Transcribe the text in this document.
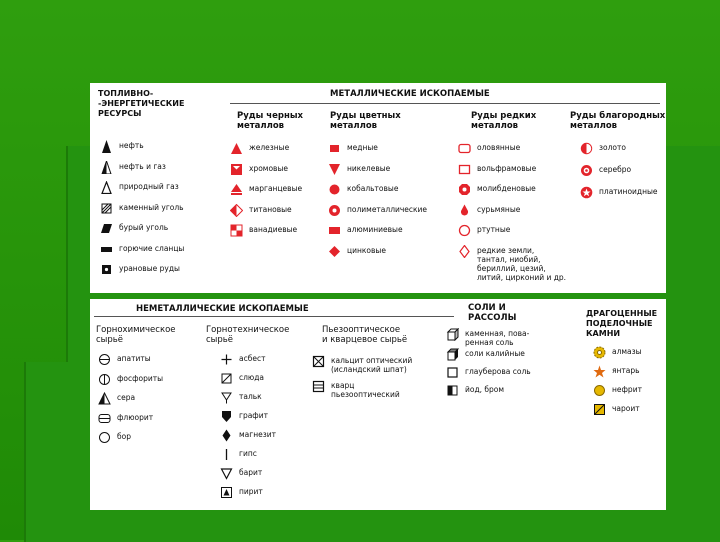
ТОПЛИВНО-
-ЭНЕРГЕТИЧЕСКИЕ
РЕСУРСЫ
МЕТАЛЛИЧЕСКИЕ ИСКОПАЕМЫЕ
Руды черных
металлов
Руды цветных
металлов
Руды редких
металлов
Руды благородных
металлов
нефть
нефть и газ
природный газ
каменный уголь
бурый уголь
горючие сланцы
урановые руды
железные
хромовые
марганцевые
титановые
ванадиевые
медные
никелевые
кобальтовые
полиметаллические
алюминиевые
цинковые
оловянные
вольфрамовые
молибденовые
сурьмяные
ртутные
редкие земли,
тантал, ниобий,
бериллий, цезий,
литий, цирконий и др.
золото
серебро
платиноидные
НЕМЕТАЛЛИЧЕСКИЕ ИСКОПАЕМЫЕ
Горнохимическое
сырьё
Горнотехническое
сырьё
Пьезооптическое
и кварцевое сырьё
СОЛИ И
РАССОЛЫ	ДРАГОЦЕННЫЕ
ПОДЕЛОЧНЫЕ
КАМНИ
апатиты
фосфориты
сера
флюорит
бор
асбест
слюда
тальк
графит
магнезит
гипс
барит
пирит
кальцит оптический
(исландский шпат)
кварц
пьезооптический
каменная, пова-
ренная соль
соли калийные
глауберова соль
йод, бром
алмазы
янтарь
нефрит
чароит
